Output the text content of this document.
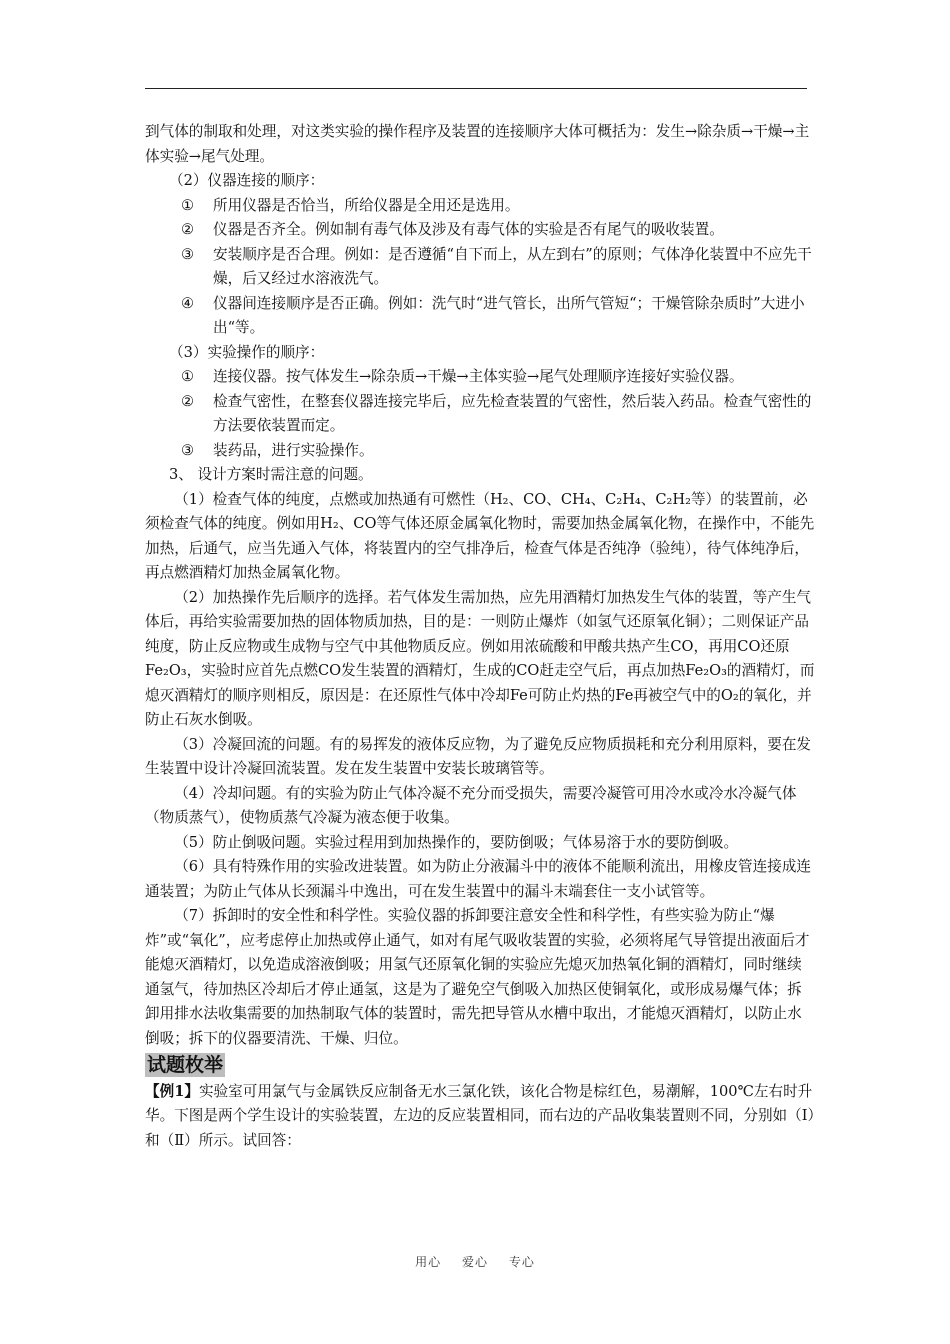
到气体的制取和处理，对这类实验的操作程序及装置的连接顺序大体可概括为：发生→除杂质→干燥→主体实验→尾气处理。

（2）仪器连接的顺序：

① 所用仪器是否恰当，所给仪器是全用还是选用。

② 仪器是否齐全。例如制有毒气体及涉及有毒气体的实验是否有尾气的吸收装置。

③ 安装顺序是否合理。例如：是否遵循“自下而上，从左到右”的原则；气体净化装置中不应先干燥，后又经过水溶液洗气。

④ 仪器间连接顺序是否正确。例如：洗气时“进气管长，出所气管短“；干燥管除杂质时”大进小出“等。

（3）实验操作的顺序：

① 连接仪器。按气体发生→除杂质→干燥→主体实验→尾气处理顺序连接好实验仪器。

② 检查气密性，在整套仪器连接完毕后，应先检查装置的气密性，然后装入药品。检查气密性的方法要依装置而定。

③ 装药品，进行实验操作。

3、 设计方案时需注意的问题。

（1）检查气体的纯度，点燃或加热通有可燃性（H₂、CO、CH₄、C₂H₄、C₂H₂等）的装置前，必须检查气体的纯度。例如用H₂、CO等气体还原金属氧化物时，需要加热金属氧化物，在操作中，不能先加热，后通气，应当先通入气体，将装置内的空气排净后，检查气体是否纯净（验纯），待气体纯净后，再点燃酒精灯加热金属氧化物。

（2）加热操作先后顺序的选择。若气体发生需加热，应先用酒精灯加热发生气体的装置，等产生气体后，再给实验需要加热的固体物质加热，目的是：一则防止爆炸（如氢气还原氧化铜）；二则保证产品纯度，防止反应物或生成物与空气中其他物质反应。例如用浓硫酸和甲酸共热产生CO，再用CO还原Fe₂O₃，实验时应首先点燃CO发生装置的酒精灯，生成的CO赶走空气后，再点加热Fe₂O₃的酒精灯，而熄灭酒精灯的顺序则相反，原因是：在还原性气体中冷却Fe可防止灼热的Fe再被空气中的O₂的氧化，并防止石灰水倒吸。

（3）冷凝回流的问题。有的易挥发的液体反应物，为了避免反应物质损耗和充分利用原料，要在发生装置中设计冷凝回流装置。发在发生装置中安装长玻璃管等。

（4）冷却问题。有的实验为防止气体冷凝不充分而受损失，需要冷凝管可用冷水或冷水冷凝气体（物质蒸气），使物质蒸气冷凝为液态便于收集。

（5）防止倒吸问题。实验过程用到加热操作的，要防倒吸；气体易溶于水的要防倒吸。

（6）具有特殊作用的实验改进装置。如为防止分液漏斗中的液体不能顺利流出，用橡皮管连接成连通装置；为防止气体从长颈漏斗中逸出，可在发生装置中的漏斗末端套住一支小试管等。

（7）拆卸时的安全性和科学性。实验仪器的拆卸要注意安全性和科学性，有些实验为防止“爆炸”或“氧化”，应考虑停止加热或停止通气，如对有尾气吸收装置的实验，必须将尾气导管提出液面后才能熄灭酒精灯，以免造成溶液倒吸；用氢气还原氧化铜的实验应先熄灭加热氧化铜的酒精灯，同时继续通氢气，待加热区冷却后才停止通氢，这是为了避免空气倒吸入加热区使铜氧化，或形成易爆气体；拆卸用排水法收集需要的加热制取气体的装置时，需先把导管从水槽中取出，才能熄灭酒精灯，以防止水倒吸；拆下的仪器要清洗、干燥、归位。

试题枚举

【例1】实验室可用氯气与金属铁反应制备无水三氯化铁，该化合物是棕红色，易潮解，100℃左右时升华。下图是两个学生设计的实验装置，左边的反应装置相同，而右边的产品收集装置则不同，分别如（Ⅰ）和（Ⅱ）所示。试回答：

用心 爱心 专心
